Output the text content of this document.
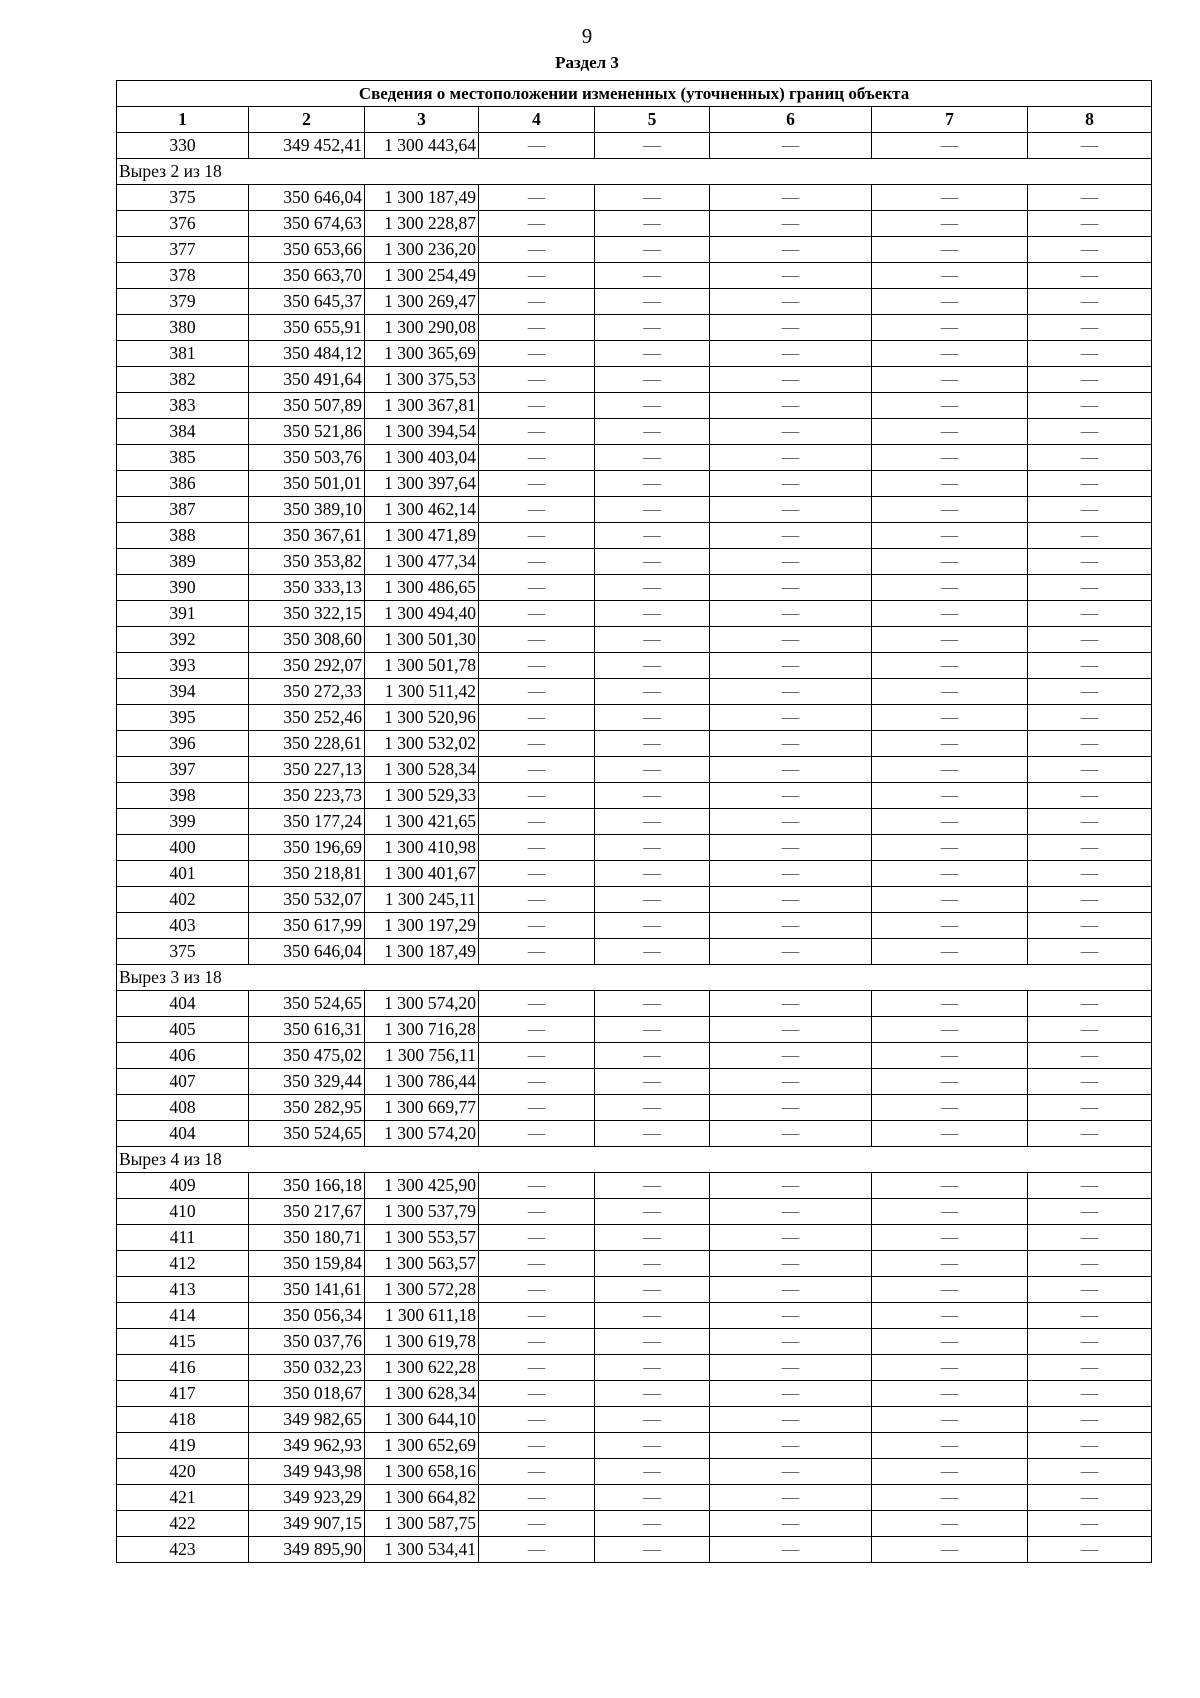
9
Раздел 3
Сведения о местоположении измененных (уточненных) границ объекта							
1	2	3	4	5	6	7	8
330	349 452,41	1 300 443,64	—	—	—	—	—
Вырез 2 из 18							
375	350 646,04	1 300 187,49	—	—	—	—	—
376	350 674,63	1 300 228,87	—	—	—	—	—
377	350 653,66	1 300 236,20	—	—	—	—	—
378	350 663,70	1 300 254,49	—	—	—	—	—
379	350 645,37	1 300 269,47	—	—	—	—	—
380	350 655,91	1 300 290,08	—	—	—	—	—
381	350 484,12	1 300 365,69	—	—	—	—	—
382	350 491,64	1 300 375,53	—	—	—	—	—
383	350 507,89	1 300 367,81	—	—	—	—	—
384	350 521,86	1 300 394,54	—	—	—	—	—
385	350 503,76	1 300 403,04	—	—	—	—	—
386	350 501,01	1 300 397,64	—	—	—	—	—
387	350 389,10	1 300 462,14	—	—	—	—	—
388	350 367,61	1 300 471,89	—	—	—	—	—
389	350 353,82	1 300 477,34	—	—	—	—	—
390	350 333,13	1 300 486,65	—	—	—	—	—
391	350 322,15	1 300 494,40	—	—	—	—	—
392	350 308,60	1 300 501,30	—	—	—	—	—
393	350 292,07	1 300 501,78	—	—	—	—	—
394	350 272,33	1 300 511,42	—	—	—	—	—
395	350 252,46	1 300 520,96	—	—	—	—	—
396	350 228,61	1 300 532,02	—	—	—	—	—
397	350 227,13	1 300 528,34	—	—	—	—	—
398	350 223,73	1 300 529,33	—	—	—	—	—
399	350 177,24	1 300 421,65	—	—	—	—	—
400	350 196,69	1 300 410,98	—	—	—	—	—
401	350 218,81	1 300 401,67	—	—	—	—	—
402	350 532,07	1 300 245,11	—	—	—	—	—
403	350 617,99	1 300 197,29	—	—	—	—	—
375	350 646,04	1 300 187,49	—	—	—	—	—
Вырез 3 из 18							
404	350 524,65	1 300 574,20	—	—	—	—	—
405	350 616,31	1 300 716,28	—	—	—	—	—
406	350 475,02	1 300 756,11	—	—	—	—	—
407	350 329,44	1 300 786,44	—	—	—	—	—
408	350 282,95	1 300 669,77	—	—	—	—	—
404	350 524,65	1 300 574,20	—	—	—	—	—
Вырез 4 из 18							
409	350 166,18	1 300 425,90	—	—	—	—	—
410	350 217,67	1 300 537,79	—	—	—	—	—
411	350 180,71	1 300 553,57	—	—	—	—	—
412	350 159,84	1 300 563,57	—	—	—	—	—
413	350 141,61	1 300 572,28	—	—	—	—	—
414	350 056,34	1 300 611,18	—	—	—	—	—
415	350 037,76	1 300 619,78	—	—	—	—	—
416	350 032,23	1 300 622,28	—	—	—	—	—
417	350 018,67	1 300 628,34	—	—	—	—	—
418	349 982,65	1 300 644,10	—	—	—	—	—
419	349 962,93	1 300 652,69	—	—	—	—	—
420	349 943,98	1 300 658,16	—	—	—	—	—
421	349 923,29	1 300 664,82	—	—	—	—	—
422	349 907,15	1 300 587,75	—	—	—	—	—
423	349 895,90	1 300 534,41	—	—	—	—	—
